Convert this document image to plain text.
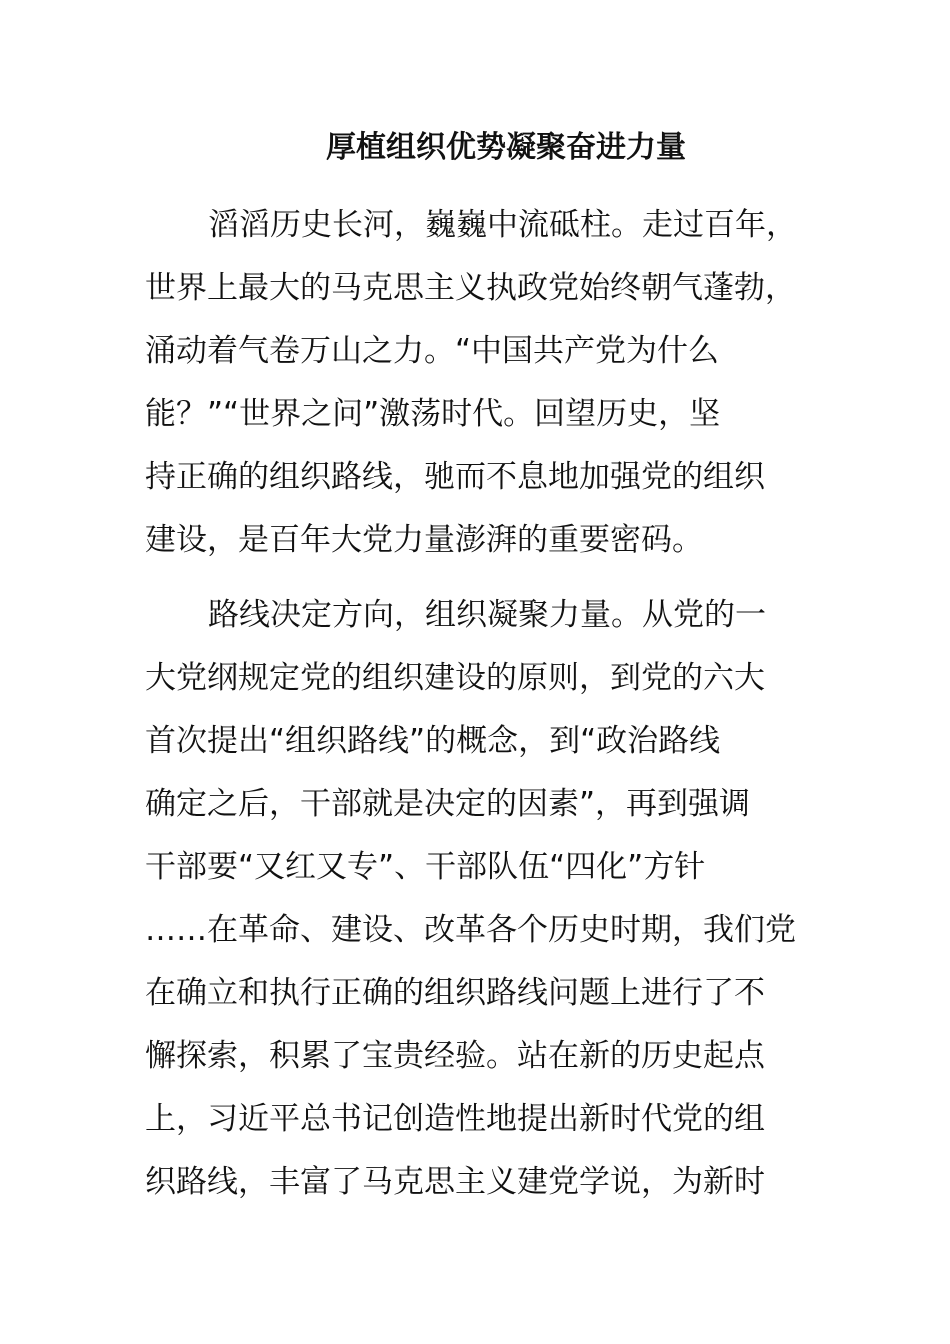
厚植组织优势凝聚奋进力量
滔滔历史长河，巍巍中流砥柱。走过百年，
世界上最大的马克思主义执政党始终朝气蓬勃，
涌动着气卷万山之力。“中国共产党为什么
能？”“世界之问”激荡时代。回望历史，坚
持正确的组织路线，驰而不息地加强党的组织
建设，是百年大党力量澎湃的重要密码。
路线决定方向，组织凝聚力量。从党的一
大党纲规定党的组织建设的原则，到党的六大
首次提出“组织路线”的概念，到“政治路线
确定之后，干部就是决定的因素”，再到强调
干部要“又红又专”、干部队伍“四化”方针
……在革命、建设、改革各个历史时期，我们党
在确立和执行正确的组织路线问题上进行了不
懈探索，积累了宝贵经验。站在新的历史起点
上，习近平总书记创造性地提出新时代党的组
织路线，丰富了马克思主义建党学说，为新时
